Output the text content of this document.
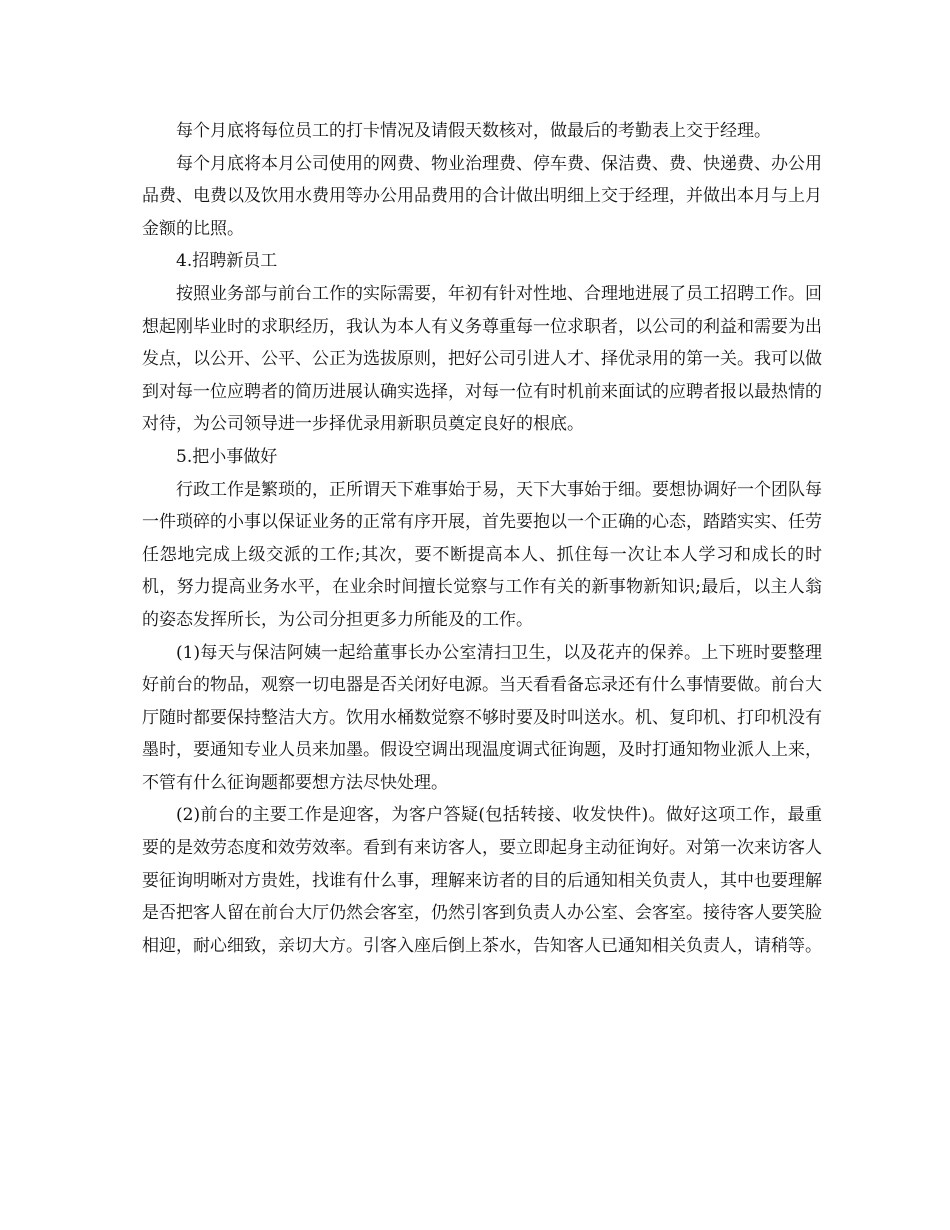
每个月底将每位员工的打卡情况及请假天数核对，做最后的考勤表上交于经理。

每个月底将本月公司使用的网费、物业治理费、停车费、保洁费、费、快递费、办公用品费、电费以及饮用水费用等办公用品费用的合计做出明细上交于经理，并做出本月与上月金额的比照。

4.招聘新员工

按照业务部与前台工作的实际需要，年初有针对性地、合理地进展了员工招聘工作。回想起刚毕业时的求职经历，我认为本人有义务尊重每一位求职者，以公司的利益和需要为出发点，以公开、公平、公正为选拔原则，把好公司引进人才、择优录用的第一关。我可以做到对每一位应聘者的简历进展认确实选择，对每一位有时机前来面试的应聘者报以最热情的对待，为公司领导进一步择优录用新职员奠定良好的根底。

5.把小事做好

行政工作是繁琐的，正所谓天下难事始于易，天下大事始于细。要想协调好一个团队每一件琐碎的小事以保证业务的正常有序开展，首先要抱以一个正确的心态，踏踏实实、任劳任怨地完成上级交派的工作;其次，要不断提高本人、抓住每一次让本人学习和成长的时机，努力提高业务水平，在业余时间擅长觉察与工作有关的新事物新知识;最后，以主人翁的姿态发挥所长，为公司分担更多力所能及的工作。

(1)每天与保洁阿姨一起给董事长办公室清扫卫生，以及花卉的保养。上下班时要整理好前台的物品，观察一切电器是否关闭好电源。当天看看备忘录还有什么事情要做。前台大厅随时都要保持整洁大方。饮用水桶数觉察不够时要及时叫送水。机、复印机、打印机没有墨时，要通知专业人员来加墨。假设空调出现温度调式征询题，及时打通知物业派人上来，不管有什么征询题都要想方法尽快处理。

(2)前台的主要工作是迎客，为客户答疑(包括转接、收发快件)。做好这项工作，最重要的是效劳态度和效劳效率。看到有来访客人，要立即起身主动征询好。对第一次来访客人要征询明晰对方贵姓，找谁有什么事，理解来访者的目的后通知相关负责人，其中也要理解是否把客人留在前台大厅仍然会客室，仍然引客到负责人办公室、会客室。接待客人要笑脸相迎，耐心细致，亲切大方。引客入座后倒上茶水，告知客人已通知相关负责人，请稍等。
